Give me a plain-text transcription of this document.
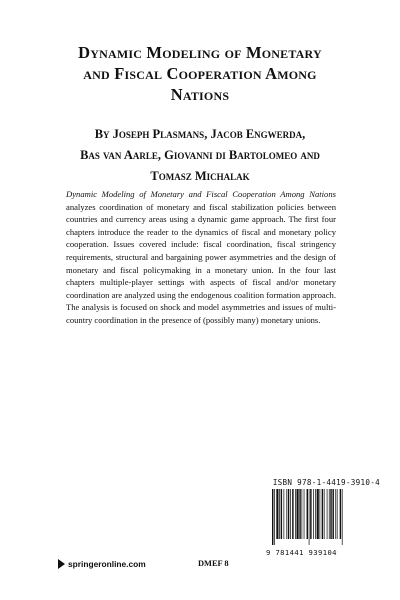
Dynamic Modeling of Monetary
and Fiscal Cooperation Among
Nations
By Joseph Plasmans, Jacob Engwerda,
Bas van Aarle, Giovanni di Bartolomeo and
Tomasz Michalak
Dynamic Modeling of Monetary and Fiscal Cooperation Among Nations analyzes coordination of monetary and fiscal stabilization policies between countries and currency areas using a dynamic game approach. The first four chapters introduce the reader to the dynamics of fiscal and monetary policy cooperation. Issues covered include: fiscal coordination, fiscal stringency requirements, structural and bargaining power asymmetries and the design of monetary and fiscal policymaking in a monetary union. In the four last chapters multiple-player settings with aspects of fiscal and/or monetary coordination are analyzed using the endogenous coalition formation approach. The analysis is focused on shock and model asymmetries and issues of multi-country coordination in the presence of (possibly many) monetary unions.
ISBN 978-1-4419-3910-4
9 781441 939104
springeronline.com	DMEF 8
